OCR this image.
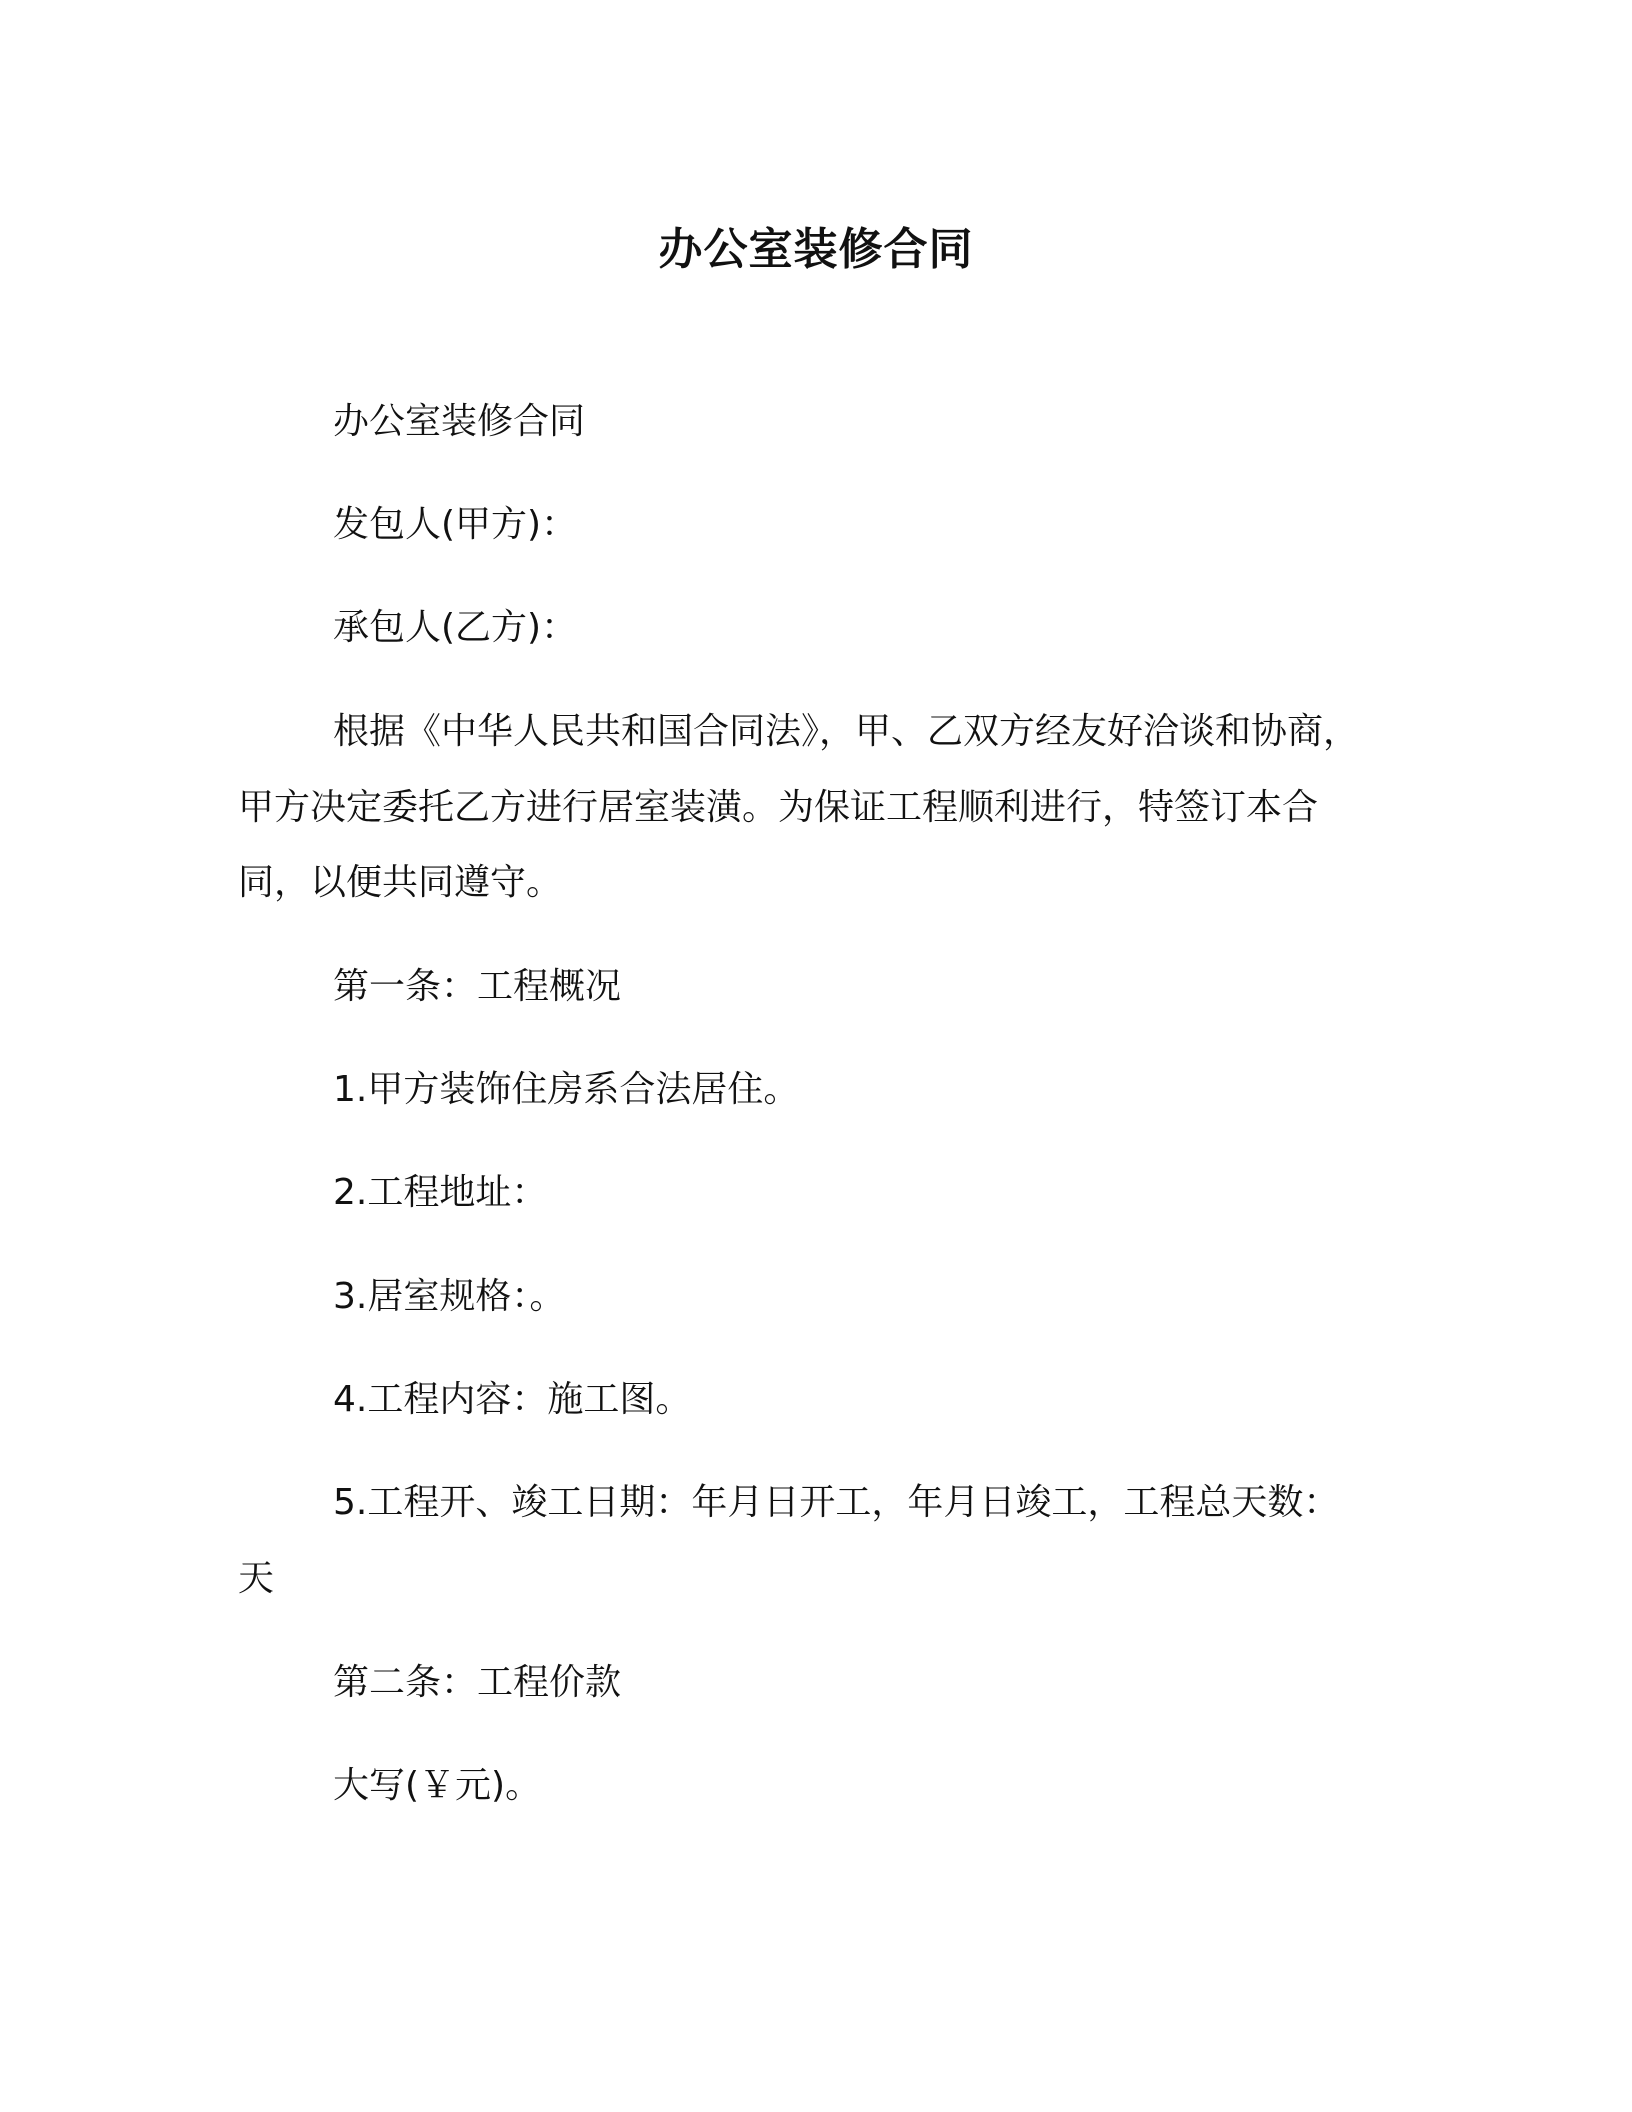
办公室装修合同
办公室装修合同
发包人(甲方)：
承包人(乙方)：
根据《中华人民共和国合同法》，甲、乙双方经友好洽谈和协商，
甲方决定委托乙方进行居室装潢。为保证工程顺利进行，特签订本合
同，以便共同遵守。
第一条：工程概况
1.甲方装饰住房系合法居住。
2.工程地址：
3.居室规格：。
4.工程内容：施工图。
5.工程开、竣工日期：年月日开工，年月日竣工，工程总天数：
天
第二条：工程价款
大写(￥元)。
